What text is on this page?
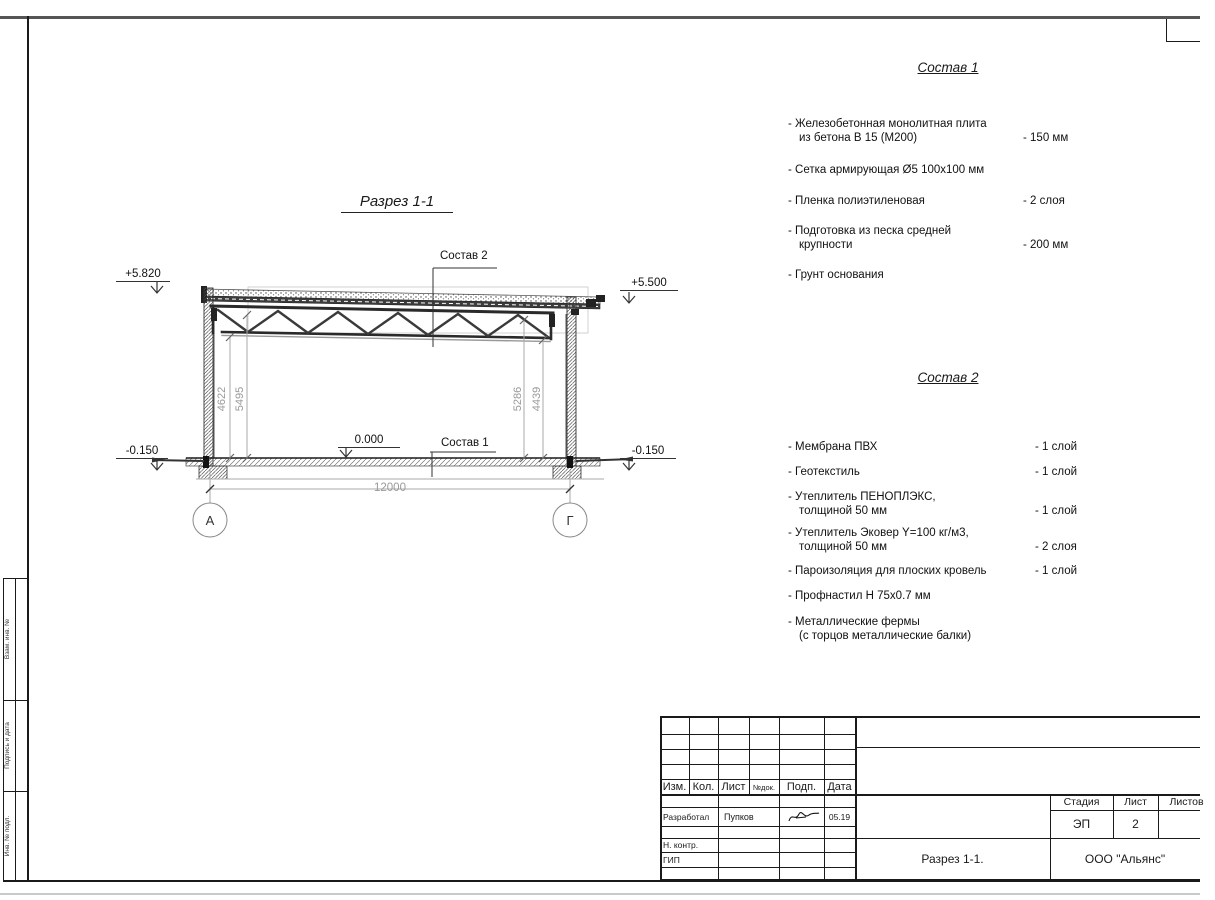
Взам. инв. №
Подпись и дата
Инв. № подл.
Разрез 1-1
+5.820
+5.500
0.000
-0.150	-0.150
Состав 2
Состав 1
4622 5495	5286 4439
12000
А	Г
Состав 1
- Железобетонная монолитная плита
из бетона В 15 (М200)	- 150 мм
- Сетка армирующая Ø5 100х100 мм
- Пленка полиэтиленовая	- 2 слоя
- Подготовка из песка средней
крупности	- 200 мм
- Грунт основания
Состав 2
- Мембрана ПВХ	- 1 слой
- Геотекстиль	- 1 слой
- Утеплитель ПЕНОПЛЭКС,
толщиной 50 мм	- 1 слой
- Утеплитель Эковер Y=100 кг/м3,
толщиной 50 мм	- 2 слоя
- Пароизоляция для плоских кровель	- 1 слой
- Профнастил Н 75х0.7 мм
- Металлические фермы
(с торцов металлические балки)
Изм. Кол. Лист	№док.	Подп.	Дата
Разработал	Пупков	05.19
Н. контр.
ГИП
Стадия	Лист	Листов
ЭП	2
Разрез 1-1.	ООО "Альянс"
